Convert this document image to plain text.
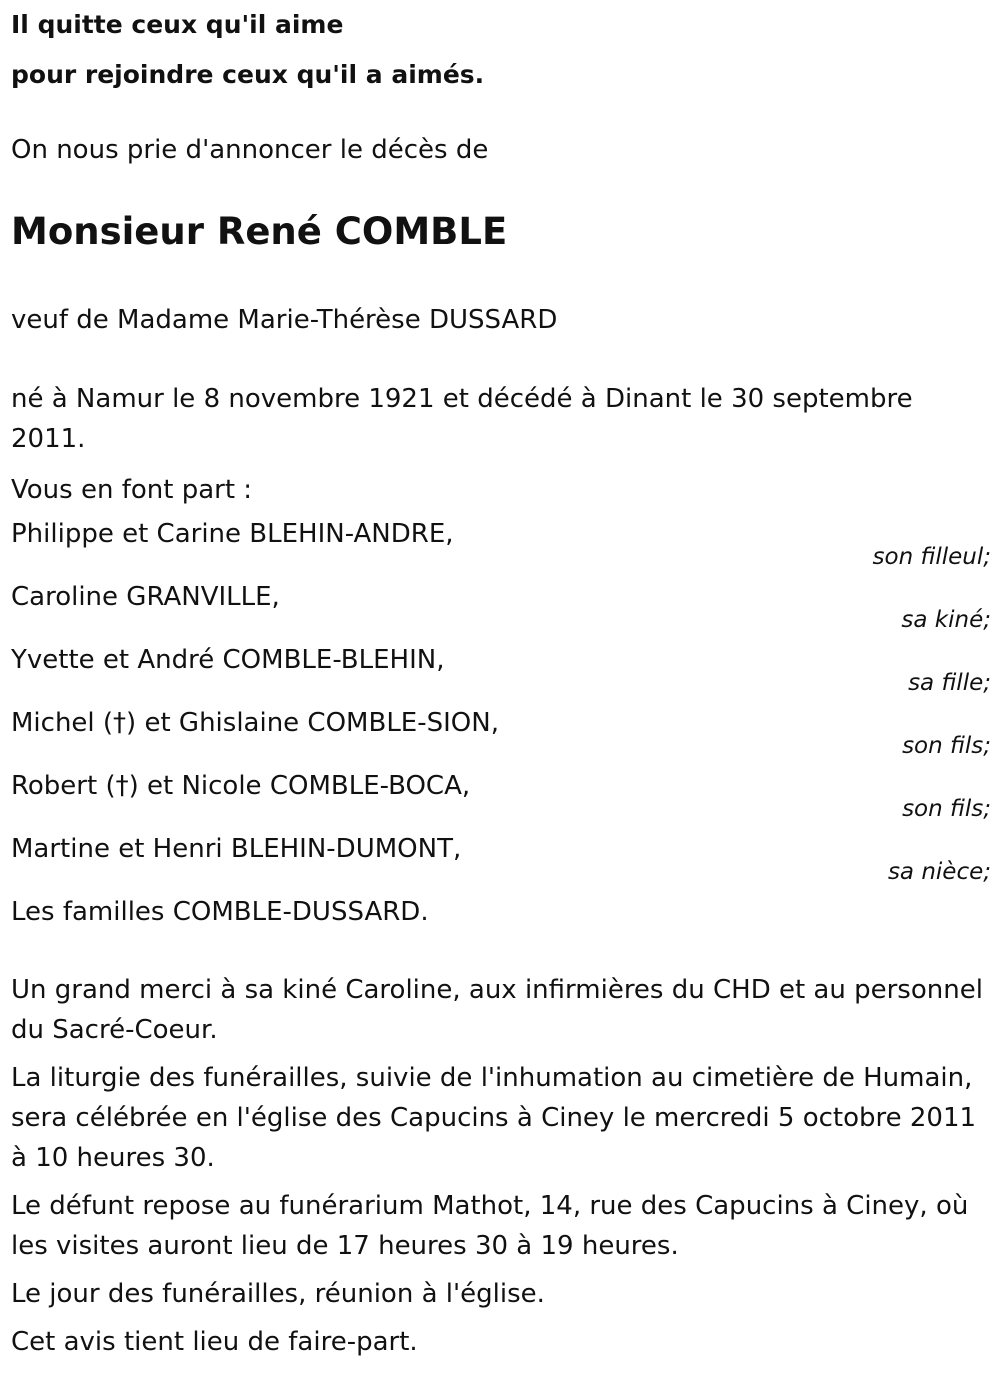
Il quitte ceux qu'il aime

pour rejoindre ceux qu'il a aimés.

On nous prie d'annoncer le décès de

Monsieur René COMBLE

veuf de Madame Marie-Thérèse DUSSARD

né à Namur le 8 novembre 1921 et décédé à Dinant le 30 septembre 2011.

Vous en font part :

Philippe et Carine BLEHIN-ANDRE,
son filleul;
Caroline GRANVILLE,
sa kiné;
Yvette et André COMBLE-BLEHIN,
sa fille;
Michel (†) et Ghislaine COMBLE-SION,
son fils;
Robert (†) et Nicole COMBLE-BOCA,
son fils;
Martine et Henri BLEHIN-DUMONT,
sa nièce;

Les familles COMBLE-DUSSARD.

Un grand merci à sa kiné Caroline, aux infirmières du CHD et au personnel du Sacré-Coeur.

La liturgie des funérailles, suivie de l'inhumation au cimetière de Humain, sera célébrée en l'église des Capucins à Ciney le mercredi 5 octobre 2011 à 10 heures 30.

Le défunt repose au funérarium Mathot, 14, rue des Capucins à Ciney, où les visites auront lieu de 17 heures 30 à 19 heures.

Le jour des funérailles, réunion à l'église.

Cet avis tient lieu de faire-part.
